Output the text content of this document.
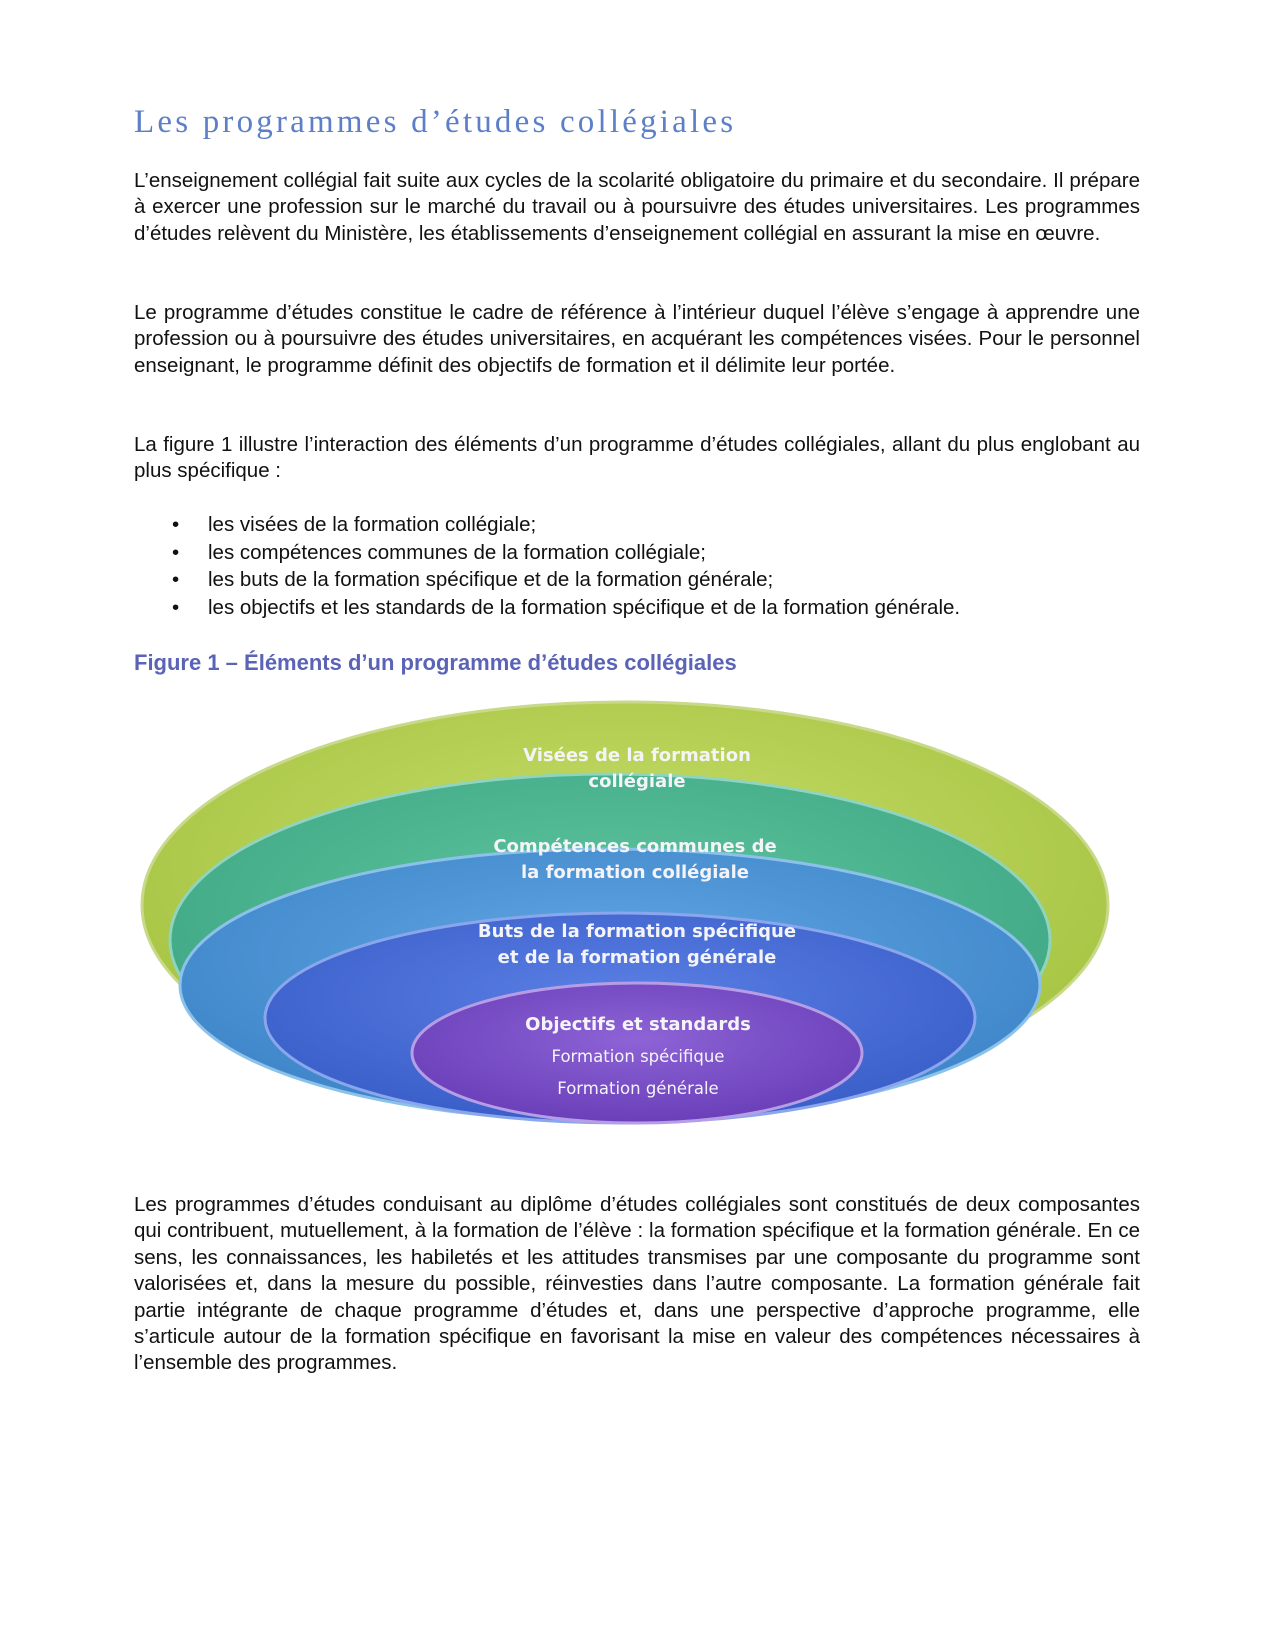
Les programmes d’études collégiales

L’enseignement collégial fait suite aux cycles de la scolarité obligatoire du primaire et du secondaire. Il prépare à exercer une profession sur le marché du travail ou à poursuivre des études universitaires. Les programmes d’études relèvent du Ministère, les établissements d’enseignement collégial en assurant la mise en œuvre.

Le programme d’études constitue le cadre de référence à l’intérieur duquel l’élève s’engage à apprendre une profession ou à poursuivre des études universitaires, en acquérant les compétences visées. Pour le personnel enseignant, le programme définit des objectifs de formation et il délimite leur portée.

La figure 1 illustre l’interaction des éléments d’un programme d’études collégiales, allant du plus englobant au plus spécifique :

• les visées de la formation collégiale;
• les compétences communes de la formation collégiale;
• les buts de la formation spécifique et de la formation générale;
• les objectifs et les standards de la formation spécifique et de la formation générale.

Figure 1 – Éléments d’un programme d’études collégiales

Visées de la formation
collégiale
Compétences communes de
la formation collégiale
Buts de la formation spécifique
et de la formation générale
Objectifs et standards
Formation spécifique
Formation générale

Les programmes d’études conduisant au diplôme d’études collégiales sont constitués de deux composantes qui contribuent, mutuellement, à la formation de l’élève : la formation spécifique et la formation générale. En ce sens, les connaissances, les habiletés et les attitudes transmises par une composante du programme sont valorisées et, dans la mesure du possible, réinvesties dans l’autre composante. La formation générale fait partie intégrante de chaque programme d’études et, dans une perspective d’approche programme, elle s’articule autour de la formation spécifique en favorisant la mise en valeur des compétences nécessaires à l’ensemble des programmes.
